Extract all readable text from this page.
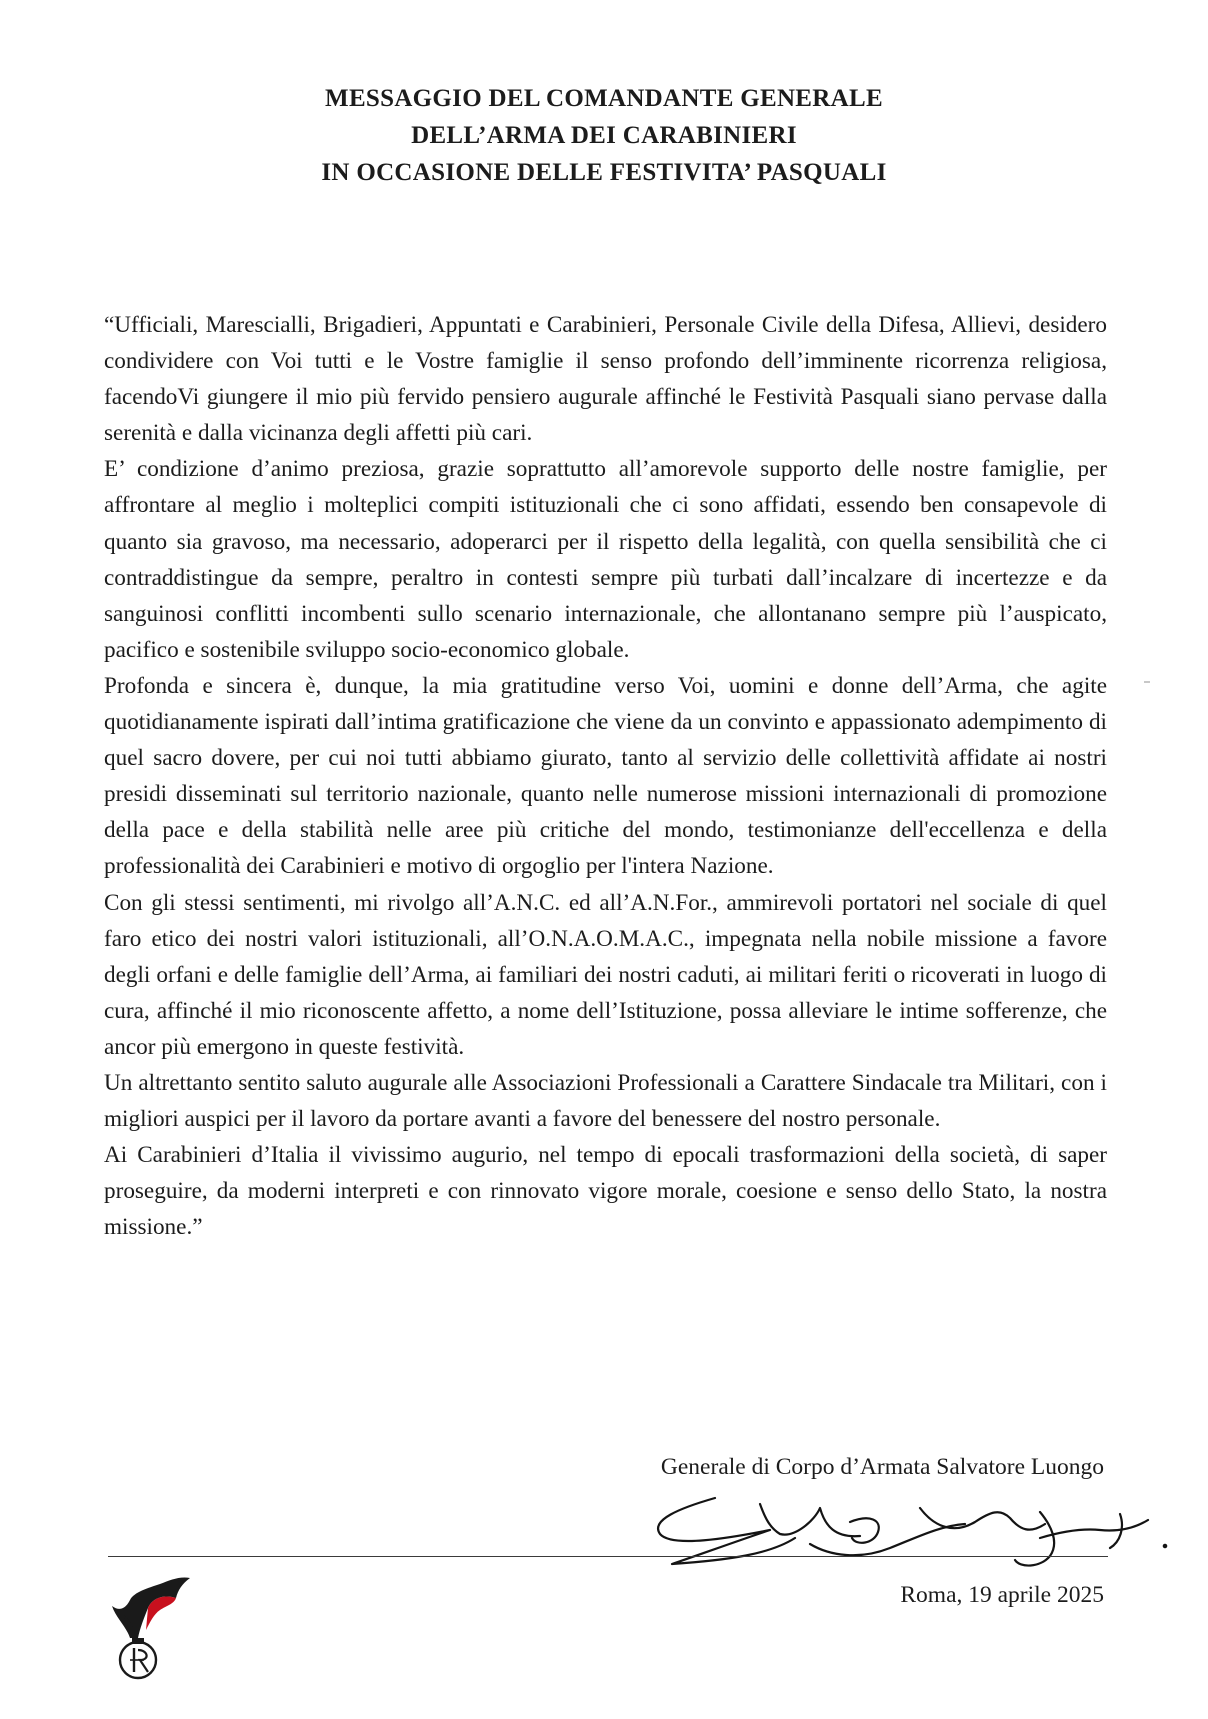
MESSAGGIO DEL COMANDANTE GENERALE
DELL’ARMA DEI CARABINIERI
IN OCCASIONE DELLE FESTIVITA’ PASQUALI

“Ufficiali, Marescialli, Brigadieri, Appuntati e Carabinieri, Personale Civile della Difesa, Allievi, desidero condividere con Voi tutti e le Vostre famiglie il senso profondo dell’imminente ricorrenza religiosa, facendoVi giungere il mio più fervido pensiero augurale affinché le Festività Pasquali siano pervase dalla serenità e dalla vicinanza degli affetti più cari.

E’ condizione d’animo preziosa, grazie soprattutto all’amorevole supporto delle nostre famiglie, per affrontare al meglio i molteplici compiti istituzionali che ci sono affidati, essendo ben consapevole di quanto sia gravoso, ma necessario, adoperarci per il rispetto della legalità, con quella sensibilità che ci contraddistingue da sempre, peraltro in contesti sempre più turbati dall’incalzare di incertezze e da sanguinosi conflitti incombenti sullo scenario internazionale, che allontanano sempre più l’auspicato, pacifico e sostenibile sviluppo socio-economico globale.

Profonda e sincera è, dunque, la mia gratitudine verso Voi, uomini e donne dell’Arma, che agite quotidianamente ispirati dall’intima gratificazione che viene da un convinto e appassionato adempimento di quel sacro dovere, per cui noi tutti abbiamo giurato, tanto al servizio delle collettività affidate ai nostri presidi disseminati sul territorio nazionale, quanto nelle numerose missioni internazionali di promozione della pace e della stabilità nelle aree più critiche del mondo, testimonianze dell'eccellenza e della professionalità dei Carabinieri e motivo di orgoglio per l'intera Nazione.

Con gli stessi sentimenti, mi rivolgo all’A.N.C. ed all’A.N.For., ammirevoli portatori nel sociale di quel faro etico dei nostri valori istituzionali, all’O.N.A.O.M.A.C., impegnata nella nobile missione a favore degli orfani e delle famiglie dell’Arma, ai familiari dei nostri caduti, ai militari feriti o ricoverati in luogo di cura, affinché il mio riconoscente affetto, a nome dell’Istituzione, possa alleviare le intime sofferenze, che ancor più emergono in queste festività.

Un altrettanto sentito saluto augurale alle Associazioni Professionali a Carattere Sindacale tra Militari, con i migliori auspici per il lavoro da portare avanti a favore del benessere del nostro personale.

Ai Carabinieri d’Italia il vivissimo augurio, nel tempo di epocali trasformazioni della società, di saper proseguire, da moderni interpreti e con rinnovato vigore morale, coesione e senso dello Stato, la nostra missione.”

Generale di Corpo d’Armata Salvatore Luongo
Roma, 19 aprile 2025
